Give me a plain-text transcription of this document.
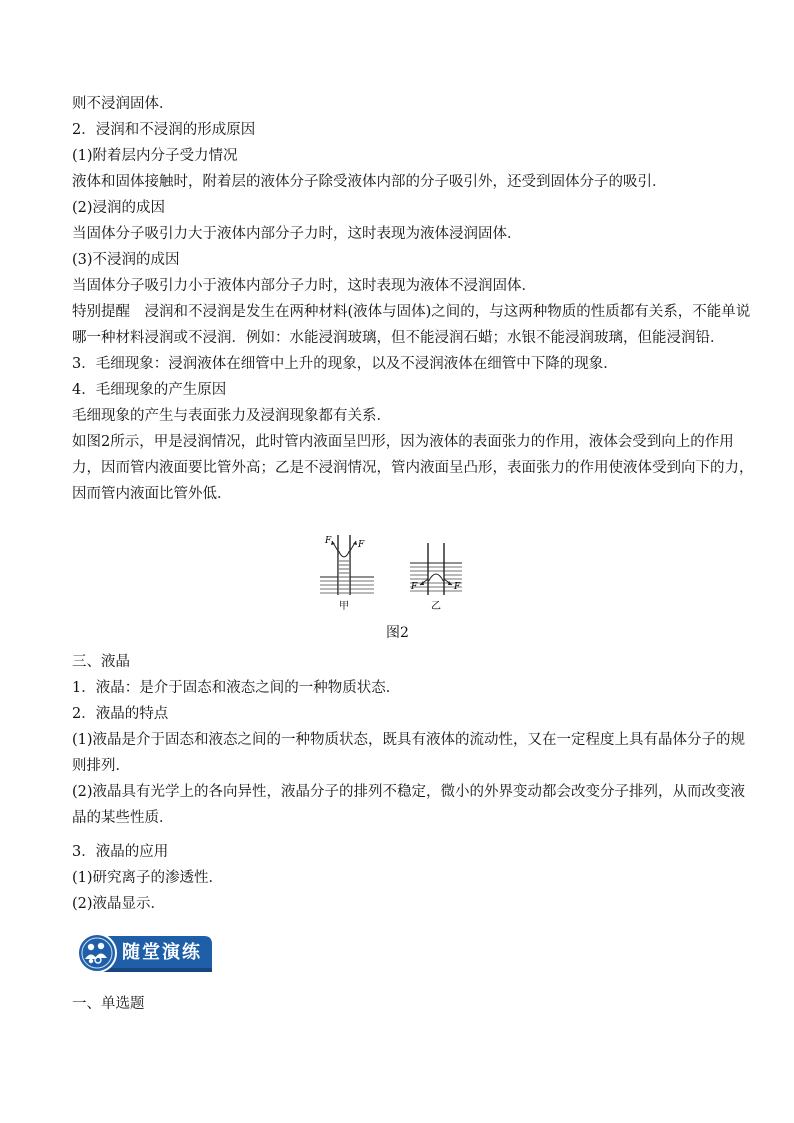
则不浸润固体．
2．浸润和不浸润的形成原因
(1)附着层内分子受力情况
液体和固体接触时，附着层的液体分子除受液体内部的分子吸引外，还受到固体分子的吸引．
(2)浸润的成因
当固体分子吸引力大于液体内部分子力时，这时表现为液体浸润固体．
(3)不浸润的成因
当固体分子吸引力小于液体内部分子力时，这时表现为液体不浸润固体．
特别提醒　浸润和不浸润是发生在两种材料(液体与固体)之间的，与这两种物质的性质都有关系，不能单说
哪一种材料浸润或不浸润．例如：水能浸润玻璃，但不能浸润石蜡；水银不能浸润玻璃，但能浸润铅．
3．毛细现象：浸润液体在细管中上升的现象，以及不浸润液体在细管中下降的现象．
4．毛细现象的产生原因
毛细现象的产生与表面张力及浸润现象都有关系．
如图2所示，甲是浸润情况，此时管内液面呈凹形，因为液体的表面张力的作用，液体会受到向上的作用
力，因而管内液面要比管外高；乙是不浸润情况，管内液面呈凸形，表面张力的作用使液体受到向下的力，
因而管内液面比管外低．
F	F
甲
F	F
乙
图2
三、液晶
1．液晶：是介于固态和液态之间的一种物质状态．
2．液晶的特点
(1)液晶是介于固态和液态之间的一种物质状态，既具有液体的流动性，又在一定程度上具有晶体分子的规
则排列．
(2)液晶具有光学上的各向异性，液晶分子的排列不稳定，微小的外界变动都会改变分子排列，从而改变液
晶的某些性质．
3．液晶的应用
(1)研究离子的渗透性．
(2)液晶显示．
随堂演练
一、单选题
